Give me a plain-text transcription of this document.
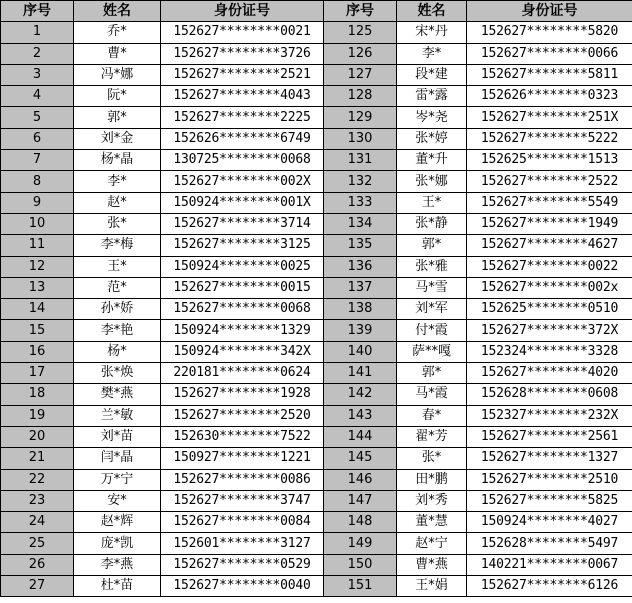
序号	姓名	身份证号	序号	姓名	身份证号
1	乔*	152627********0021	125	宋*丹	152627********5820
2	曹*	152627********3726	126	李*	152627********0066
3	冯*娜	152627********2521	127	段*建	152627********5811
4	阮*	152627********4043	128	雷*露	152626********0323
5	郭*	152627********2225	129	岑*尧	152627********251X
6	刘*金	152626********6749	130	张*婷	152627********5222
7	杨*晶	130725********0068	131	董*升	152625********1513
8	李*	152627********002X	132	张*娜	152627********2522
9	赵*	150924********001X	133	王*	152627********5549
10	张*	152627********3714	134	张*静	152627********1949
11	李*梅	152627********3125	135	郭*	152627********4627
12	王*	150924********0025	136	张*雅	152627********0022
13	范*	152627********0015	137	马*雪	152627********002x
14	孙*娇	152627********0068	138	刘*军	152625********0510
15	李*艳	150924********1329	139	付*霞	152627********372X
16	杨*	150924********342X	140	萨**嘎	152324********3328
17	张*焕	220181********0624	141	郭*	152627********4020
18	樊*燕	152627********1928	142	马*霞	152628********0608
19	兰*敏	152627********2520	143	春*	152327********232X
20	刘*苗	152630********7522	144	翟*芳	152627********2561
21	闫*晶	150927********1221	145	张*	152627********1327
22	万*宁	152627********0086	146	田*鹏	152627********2510
23	安*	152627********3747	147	刘*秀	152627********5825
24	赵*辉	152627********0084	148	董*慧	150924********4027
25	庞*凯	152601********3127	149	赵*宁	152628********5497
26	李*燕	152627********0529	150	曹*燕	140221********0067
27	杜*苗	152627********0040	151	王*娟	152627********6126
